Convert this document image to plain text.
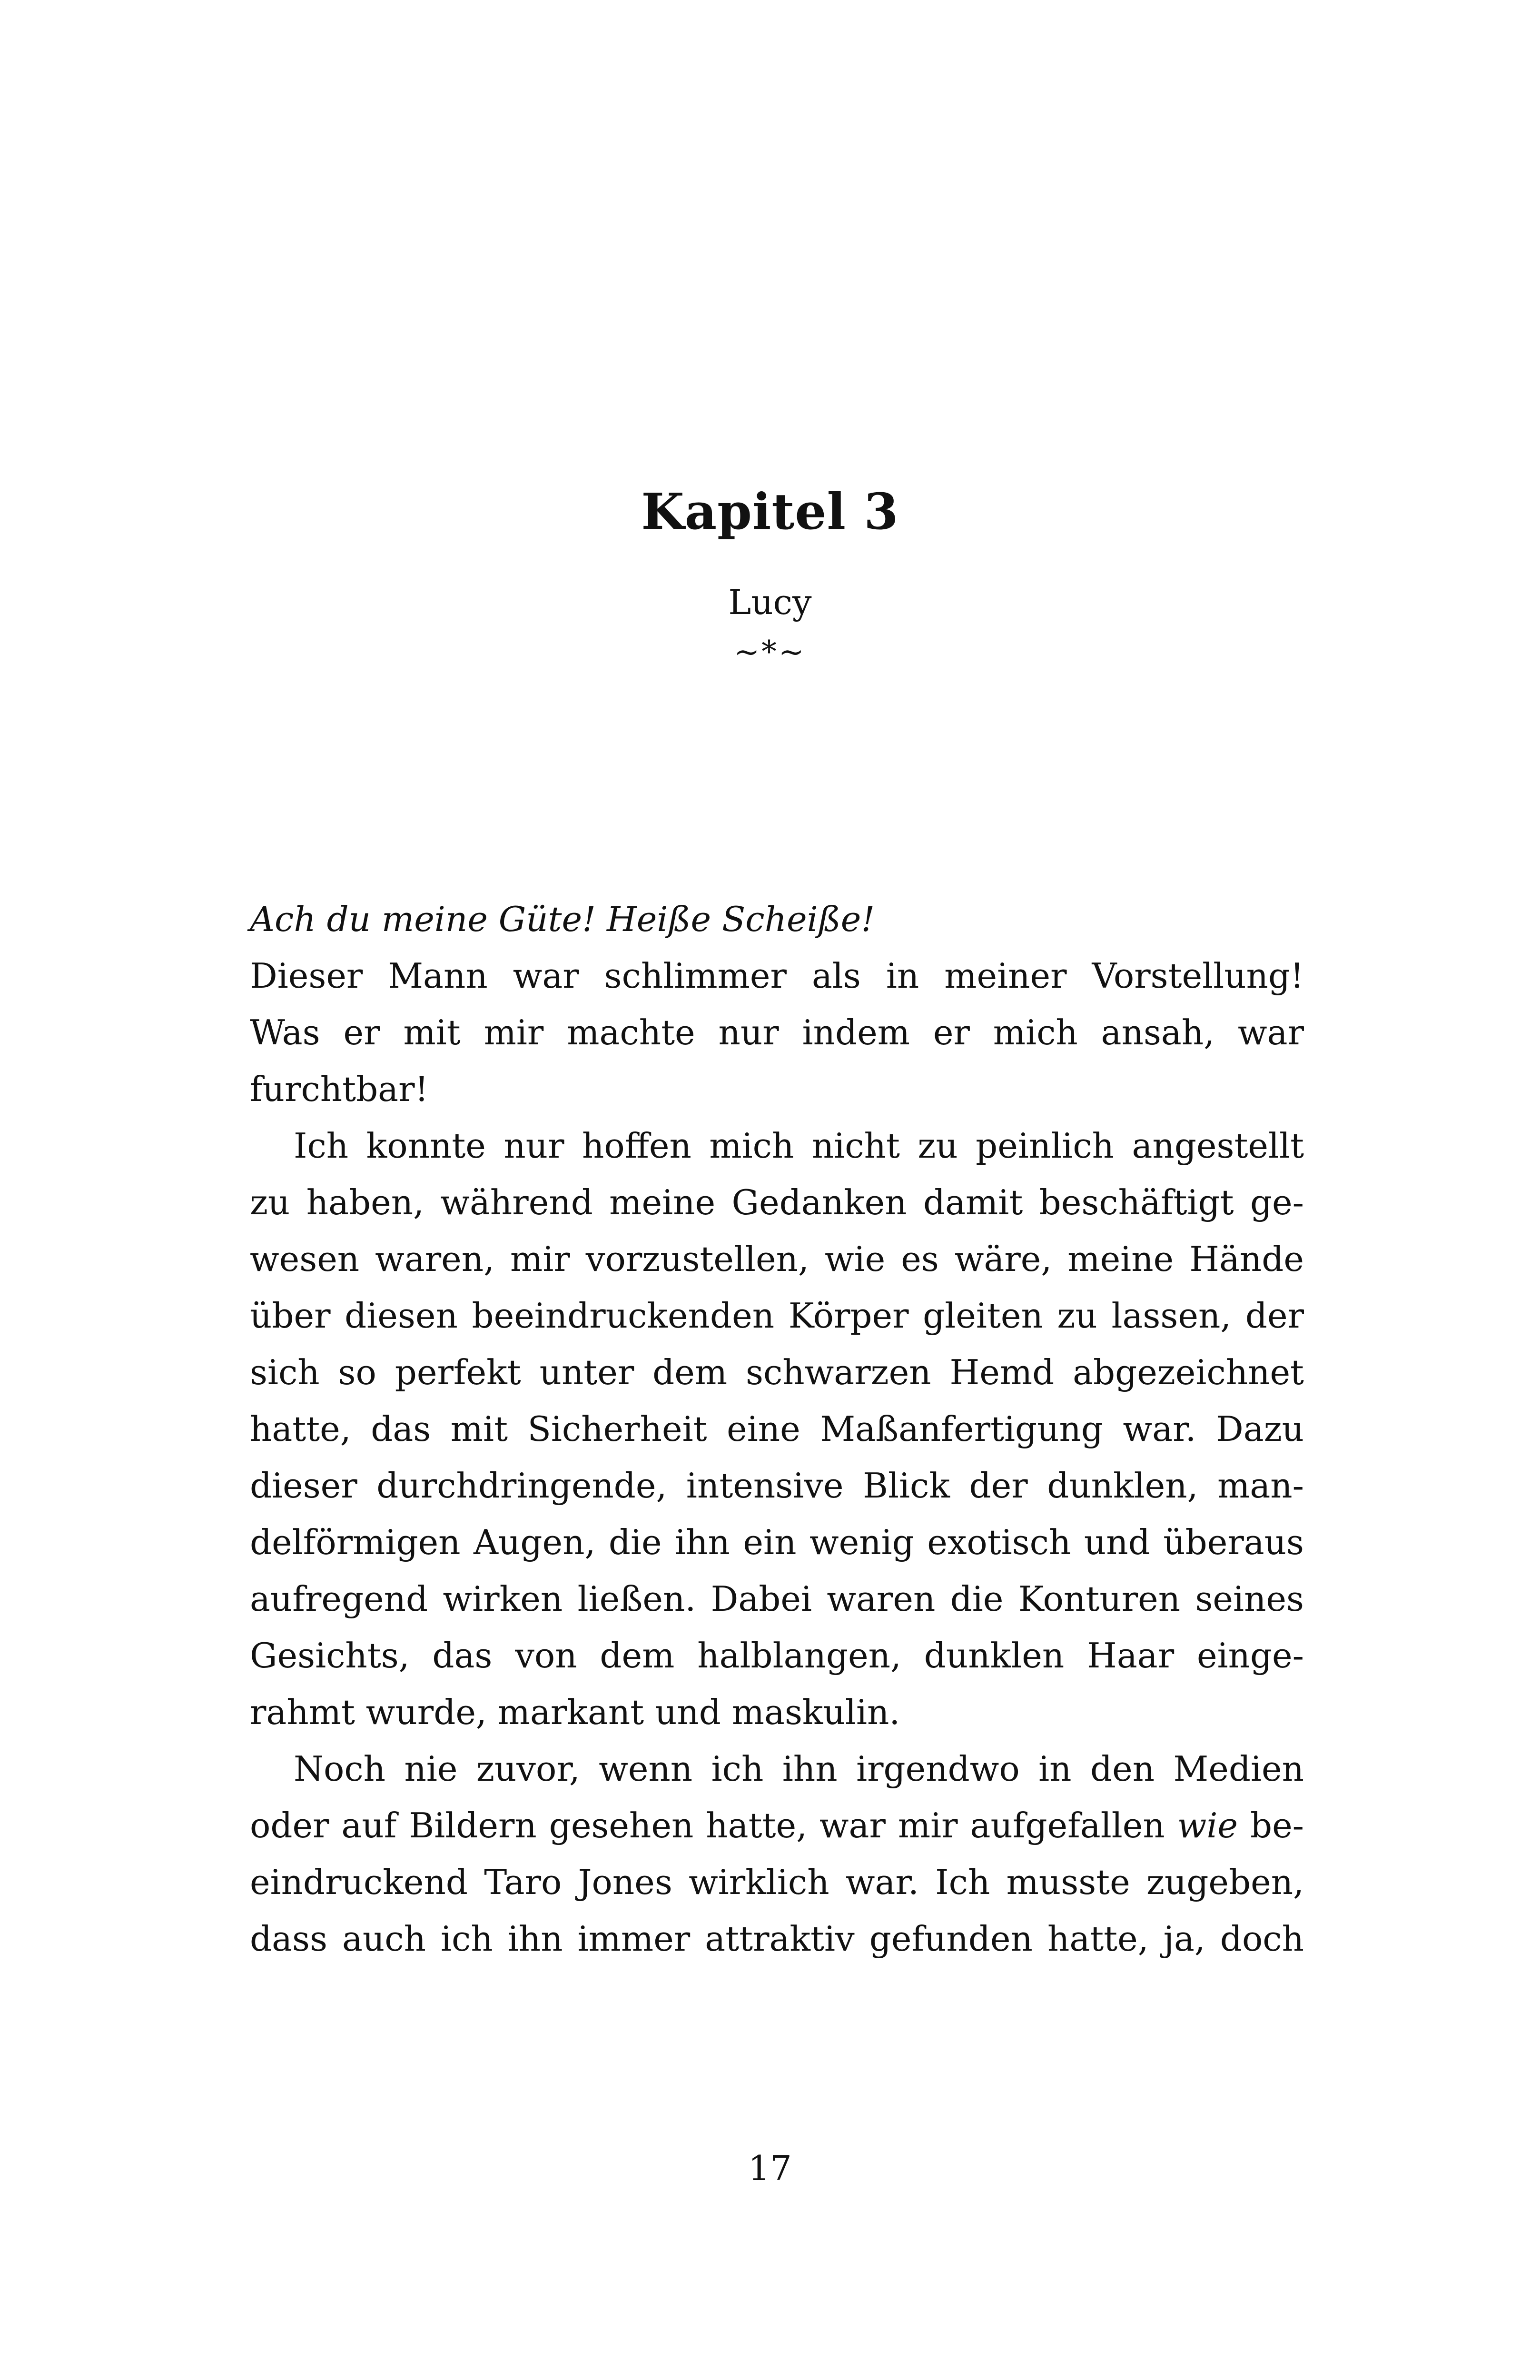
Kapitel 3
Lucy
~*~
Ach du meine Güte! Heiße Scheiße!
Dieser Mann war schlimmer als in meiner Vorstellung!
Was er mit mir machte nur indem er mich ansah, war
furchtbar!
Ich konnte nur hoffen mich nicht zu peinlich angestellt
zu haben, während meine Gedanken damit beschäftigt ge-
wesen waren, mir vorzustellen, wie es wäre, meine Hände
über diesen beeindruckenden Körper gleiten zu lassen, der
sich so perfekt unter dem schwarzen Hemd abgezeichnet
hatte, das mit Sicherheit eine Maßanfertigung war. Dazu
dieser durchdringende, intensive Blick der dunklen, man-
delförmigen Augen, die ihn ein wenig exotisch und überaus
aufregend wirken ließen. Dabei waren die Konturen seines
Gesichts, das von dem halblangen, dunklen Haar einge-
rahmt wurde, markant und maskulin.
Noch nie zuvor, wenn ich ihn irgendwo in den Medien
oder auf Bildern gesehen hatte, war mir aufgefallen wie be-
eindruckend Taro Jones wirklich war. Ich musste zugeben,
dass auch ich ihn immer attraktiv gefunden hatte, ja, doch
17
